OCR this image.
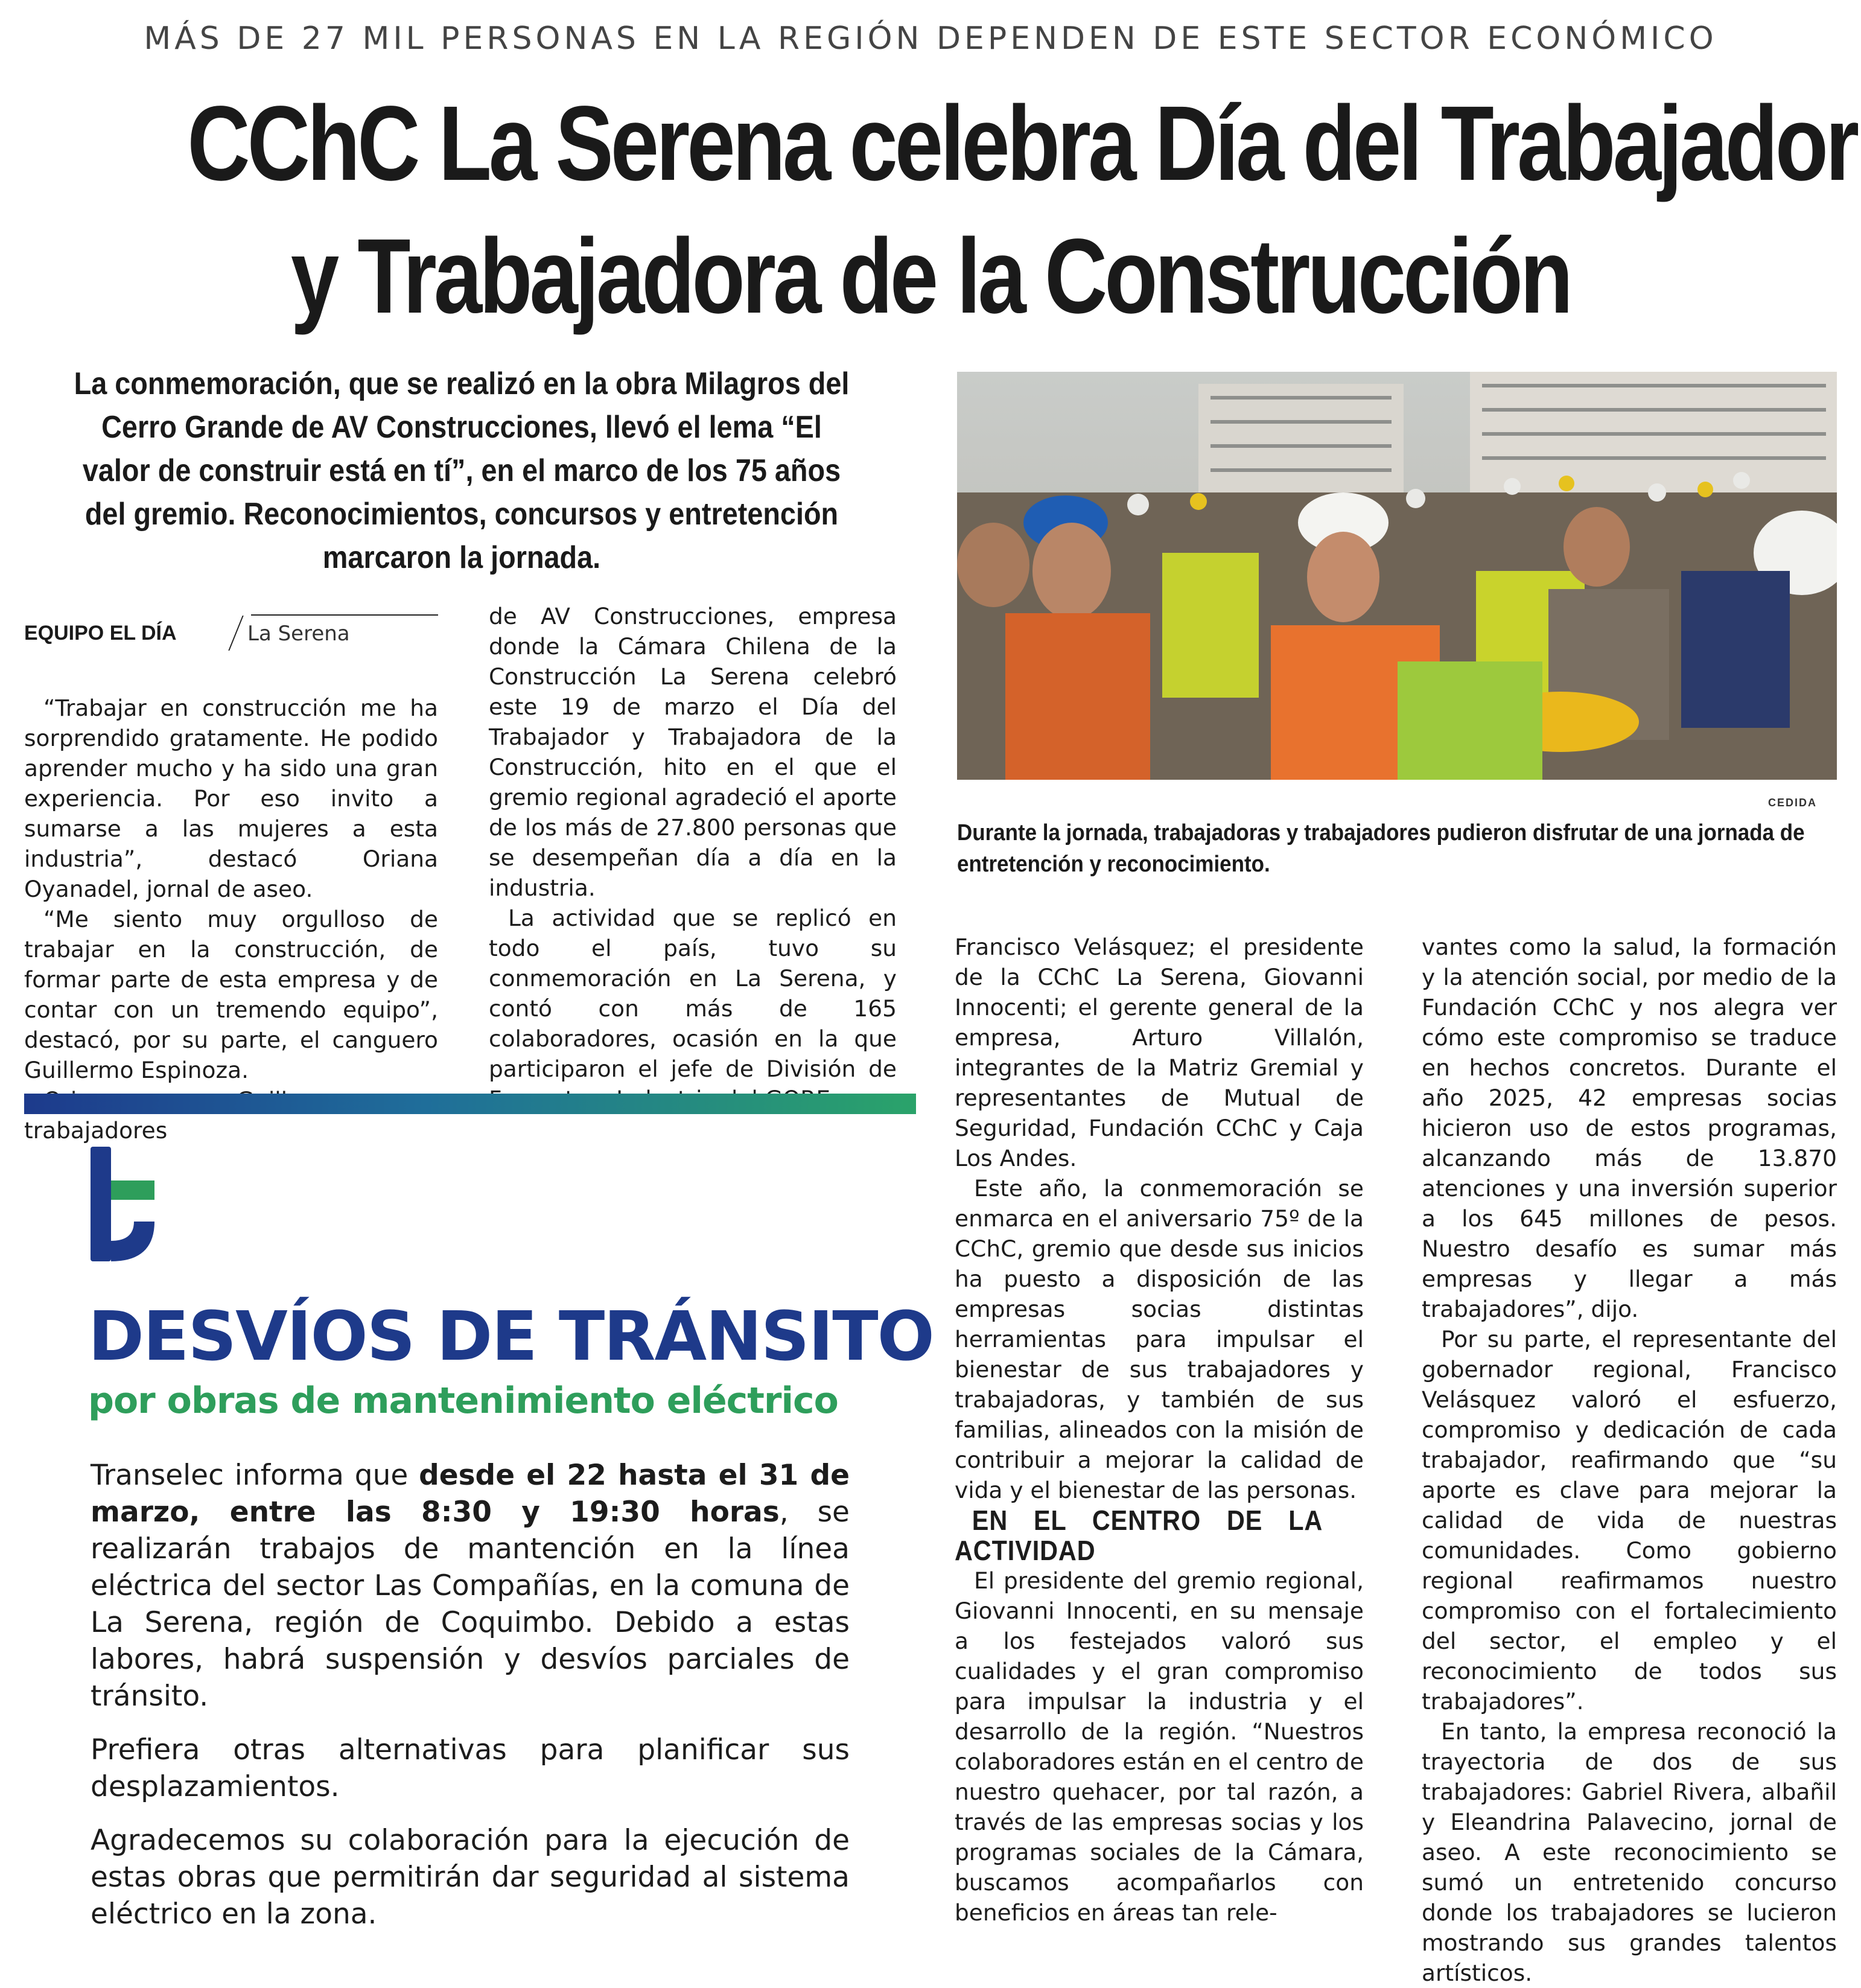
MÁS DE 27 MIL PERSONAS EN LA REGIÓN DEPENDEN DE ESTE SECTOR ECONÓMICO
CChC La Serena celebra Día del Trabajador
y Trabajadora de la Construcción
La conmemoración, que se realizó en la obra Milagros del Cerro Grande de AV Construcciones, llevó el lema “El valor de construir está en tí”, en el marco de los 75 años del gremio. Reconocimientos, concursos y entretención marcaron la jornada.
CEDIDA
Durante la jornada, trabajadoras y trabajadores pudieron disfrutar de una jornada de entretención y reconocimiento.
EQUIPO EL DÍA	La Serena

“Trabajar en construcción me ha sorprendido gratamente. He podido aprender mucho y ha sido una gran experiencia. Por eso invito a sumarse a las mujeres a esta industria”, destacó Oriana Oyanadel, jornal de aseo.

“Me siento muy orgulloso de trabajar en la construcción, de formar parte de esta empresa y de contar con un tremendo equipo”, destacó, por su parte, el canguero Guillermo Espinoza.

trabajadores

de AV Construcciones, empresa donde la Cámara Chilena de la Construcción La Serena celebró este 19 de marzo el Día del Trabajador y Trabajadora de la Construcción, hito en el que el gremio regional agradeció el aporte de los más de 27.800 personas que se desempeñan día a día en la industria.

La actividad que se replicó en todo el país, tuvo su conmemoración en La Serena, y contó con más de 165 colaboradores, ocasión en la que participaron el jefe de División de

Francisco Velásquez; el presidente de la CChC La Serena, Giovanni Innocenti; el gerente general de la empresa, Arturo Villalón, integrantes de la Matriz Gremial y representantes de Mutual de Seguridad, Fundación CChC y Caja Los Andes.

Este año, la conmemoración se enmarca en el aniversario 75º de la CChC, gremio que desde sus inicios ha puesto a disposición de las empresas socias distintas herramientas para impulsar el bienestar de sus trabajadores y trabajadoras, y también de sus familias, alineados con la misión de contribuir a mejorar la calidad de vida y el bienestar de las personas.

EN EL CENTRO DE LA ACTIVIDAD

El presidente del gremio regional, Giovanni Innocenti, en su mensaje a los festejados valoró sus cualidades y el gran compromiso para impulsar la industria y el desarrollo de la región. “Nuestros colaboradores están en el centro de nuestro quehacer, por tal razón, a través de las empresas socias y los programas sociales de la Cámara, buscamos acompañarlos con beneficios en áreas tan rele-

vantes como la salud, la formación y la atención social, por medio de la Fundación CChC y nos alegra ver cómo este compromiso se traduce en hechos concretos. Durante el año 2025, 42 empresas socias hicieron uso de estos programas, alcanzando más de 13.870 atenciones y una inversión superior a los 645 millones de pesos. Nuestro desafío es sumar más empresas y llegar a más trabajadores”, dijo.

Por su parte, el representante del gobernador regional, Francisco Velásquez valoró el esfuerzo, compromiso y dedicación de cada trabajador, reafirmando que “su aporte es clave para mejorar la calidad de vida de nuestras comunidades. Como gobierno regional reafirmamos nuestro compromiso con el fortalecimiento del sector, el empleo y el reconocimiento de todos sus trabajadores”.

En tanto, la empresa reconoció la trayectoria de dos de sus trabajadores: Gabriel Rivera, albañil y Eleandrina Palavecino, jornal de aseo. A este reconocimiento se sumó un entretenido concurso donde los trabajadores se lucieron mostrando sus grandes talentos artísticos.

DESVÍOS DE TRÁNSITO
por obras de mantenimiento eléctrico

Transelec informa que desde el 22 hasta el 31 de marzo, entre las 8:30 y 19:30 horas, se realizarán trabajos de mantención en la línea eléctrica del sector Las Compañías, en la comuna de La Serena, región de Coquimbo. Debido a estas labores, habrá suspensión y desvíos parciales de tránsito.

Prefiera otras alternativas para planificar sus desplazamientos.

Agradecemos su colaboración para la ejecución de estas obras que permitirán dar seguridad al sistema eléctrico en la zona.
